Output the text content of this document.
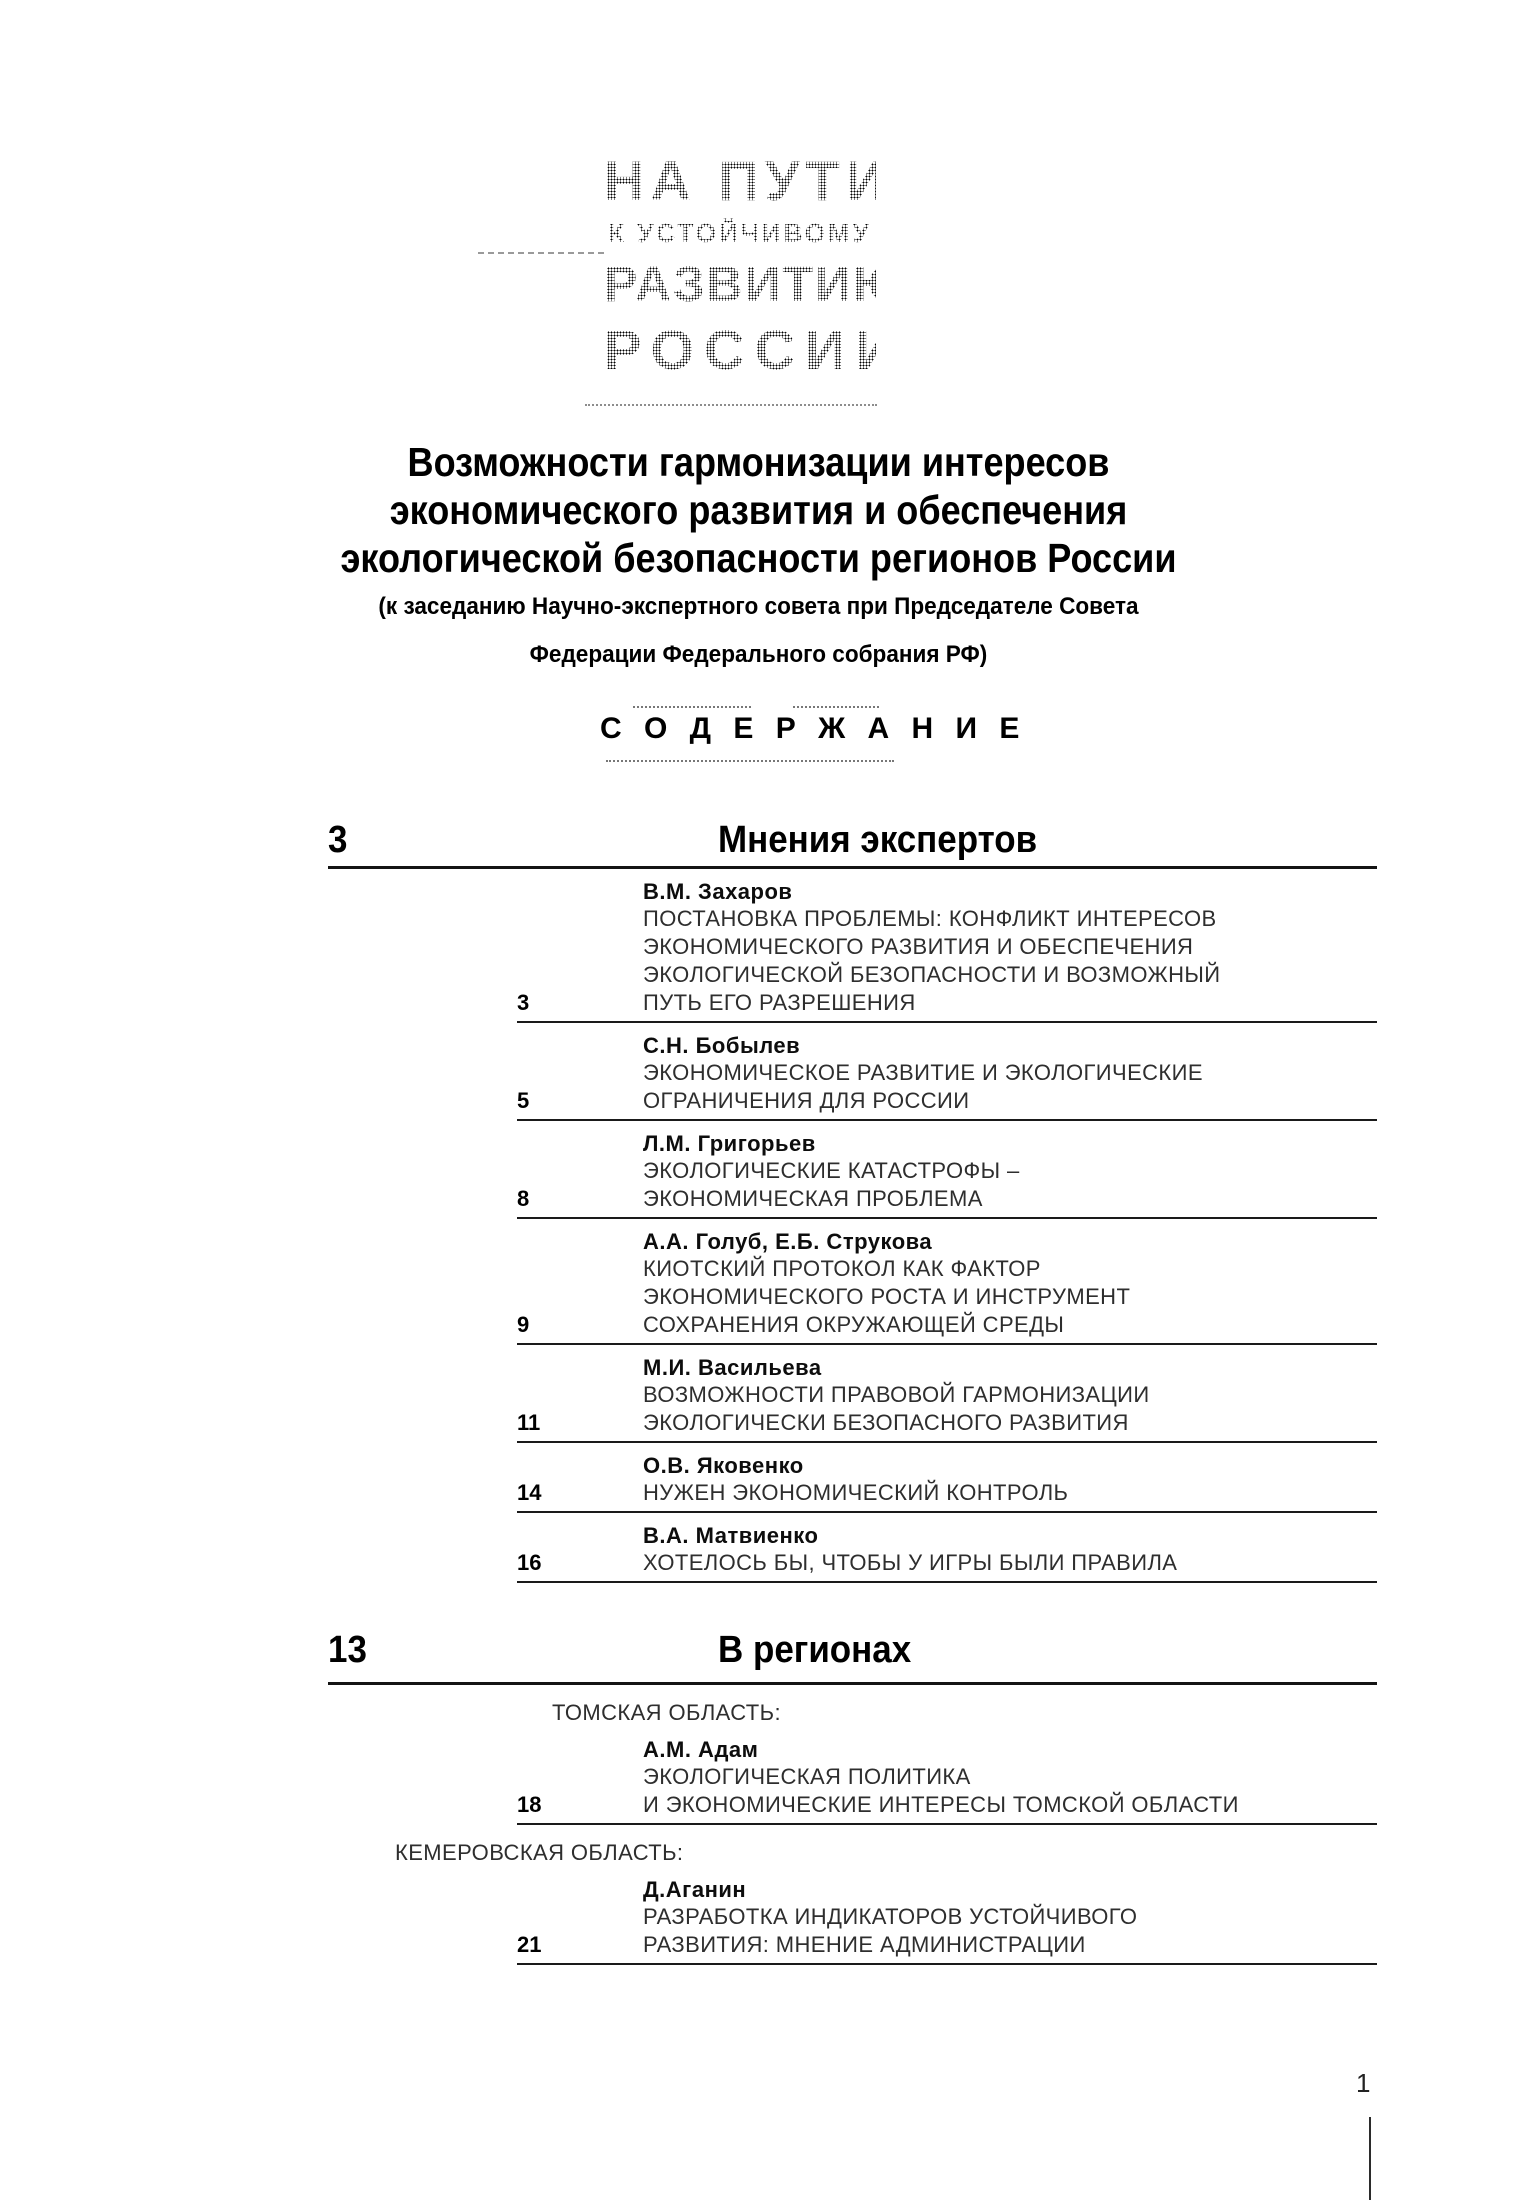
НА ПУТИ
К УСТОЙЧИВОМУ
РАЗВИТИЮ
РОССИИ
Возможности гармонизации интересов
экономического развития и обеспечения
экологической безопасности регионов России
(к заседанию Научно-экспертного совета при Председателе Совета
Федерации Федерального собрания РФ)
С О Д Е Р Ж А Н И Е
3	Мнения экспертов
3
В.М. Захаров
ПОСТАНОВКА ПРОБЛЕМЫ: КОНФЛИКТ ИНТЕРЕСОВ
ЭКОНОМИЧЕСКОГО РАЗВИТИЯ И ОБЕСПЕЧЕНИЯ
ЭКОЛОГИЧЕСКОЙ БЕЗОПАСНОСТИ И ВОЗМОЖНЫЙ
ПУТЬ ЕГО РАЗРЕШЕНИЯ
5
С.Н. Бобылев
ЭКОНОМИЧЕСКОЕ РАЗВИТИЕ И ЭКОЛОГИЧЕСКИЕ
ОГРАНИЧЕНИЯ ДЛЯ РОССИИ
8
Л.М. Григорьев
ЭКОЛОГИЧЕСКИЕ КАТАСТРОФЫ –
ЭКОНОМИЧЕСКАЯ ПРОБЛЕМА
9
А.А. Голуб, Е.Б. Струкова
КИОТСКИЙ ПРОТОКОЛ КАК ФАКТОР
ЭКОНОМИЧЕСКОГО РОСТА И ИНСТРУМЕНТ
СОХРАНЕНИЯ ОКРУЖАЮЩЕЙ СРЕДЫ
11
М.И. Васильева
ВОЗМОЖНОСТИ ПРАВОВОЙ ГАРМОНИЗАЦИИ
ЭКОЛОГИЧЕСКИ БЕЗОПАСНОГО РАЗВИТИЯ
14
О.В. Яковенко
НУЖЕН ЭКОНОМИЧЕСКИЙ КОНТРОЛЬ
16
В.А. Матвиенко
ХОТЕЛОСЬ БЫ, ЧТОБЫ У ИГРЫ БЫЛИ ПРАВИЛА
13	В регионах
ТОМСКАЯ ОБЛАСТЬ:
18
А.М. Адам
ЭКОЛОГИЧЕСКАЯ ПОЛИТИКА
И ЭКОНОМИЧЕСКИЕ ИНТЕРЕСЫ ТОМСКОЙ ОБЛАСТИ
КЕМЕРОВСКАЯ ОБЛАСТЬ:
21
Д.Аганин
РАЗРАБОТКА ИНДИКАТОРОВ УСТОЙЧИВОГО
РАЗВИТИЯ: МНЕНИЕ АДМИНИСТРАЦИИ
1
